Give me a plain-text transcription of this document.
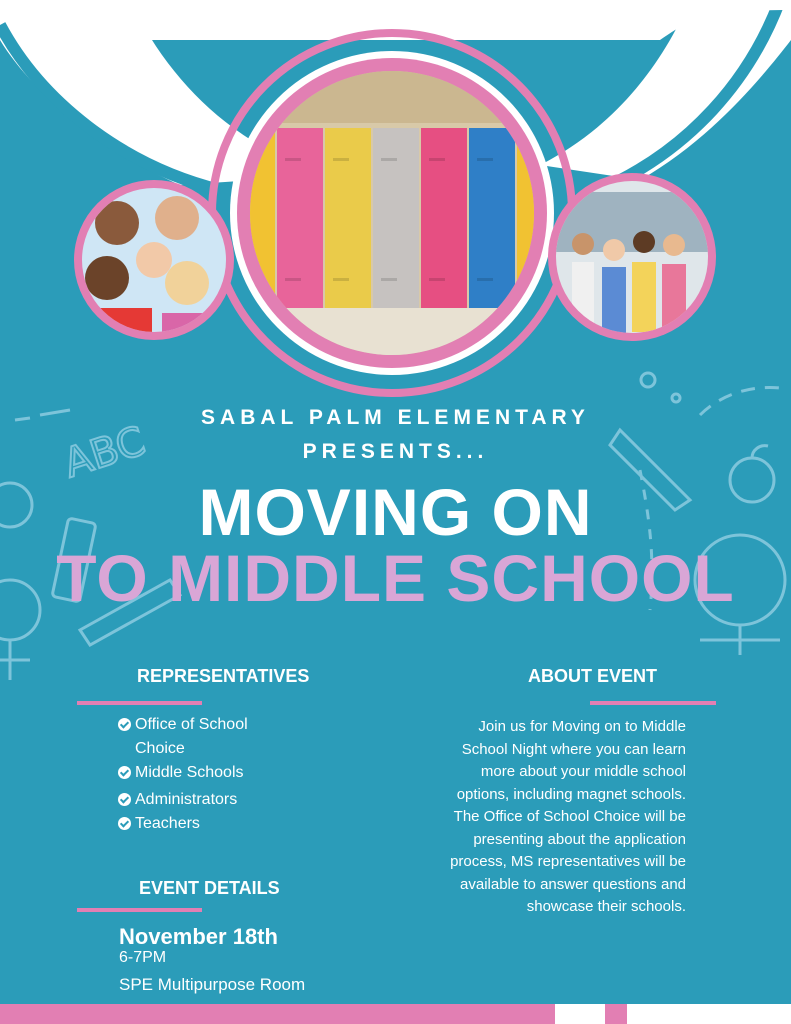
ABC
SABAL PALM ELEMENTARY
PRESENTS...
MOVING ON
TO MIDDLE SCHOOL
REPRESENTATIVES
Office of School
Choice
Middle Schools
Administrators
Teachers
ABOUT EVENT
Join us for Moving on to Middle School Night where you can learn more about your middle school options, including magnet schools. The Office of School Choice will be presenting about the application process, MS representatives will be available to answer questions and showcase their schools.
EVENT DETAILS
November 18th
6-7PM
SPE Multipurpose Room
